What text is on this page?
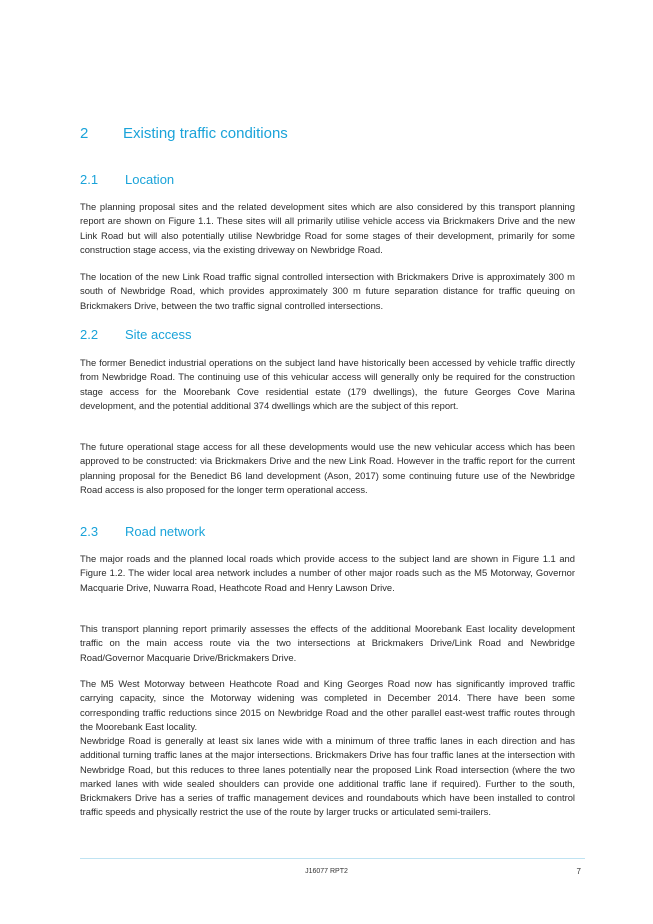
2 Existing traffic conditions
2.1 Location

The planning proposal sites and the related development sites which are also considered by this transport planning report are shown on Figure 1.1. These sites will all primarily utilise vehicle access via Brickmakers Drive and the new Link Road but will also potentially utilise Newbridge Road for some stages of their development, primarily for some construction stage access, via the existing driveway on Newbridge Road.

The location of the new Link Road traffic signal controlled intersection with Brickmakers Drive is approximately 300 m south of Newbridge Road, which provides approximately 300 m future separation distance for traffic queuing on Brickmakers Drive, between the two traffic signal controlled intersections.

2.2 Site access

The former Benedict industrial operations on the subject land have historically been accessed by vehicle traffic directly from Newbridge Road. The continuing use of this vehicular access will generally only be required for the construction stage access for the Moorebank Cove residential estate (179 dwellings), the future Georges Cove Marina development, and the potential additional 374 dwellings which are the subject of this report.

The future operational stage access for all these developments would use the new vehicular access which has been approved to be constructed: via Brickmakers Drive and the new Link Road. However in the traffic report for the current planning proposal for the Benedict B6 land development (Ason, 2017) some continuing future use of the Newbridge Road access is also proposed for the longer term operational access.

2.3 Road network

The major roads and the planned local roads which provide access to the subject land are shown in Figure 1.1 and Figure 1.2. The wider local area network includes a number of other major roads such as the M5 Motorway, Governor Macquarie Drive, Nuwarra Road, Heathcote Road and Henry Lawson Drive.

This transport planning report primarily assesses the effects of the additional Moorebank East locality development traffic on the main access route via the two intersections at Brickmakers Drive/Link Road and Newbridge Road/Governor Macquarie Drive/Brickmakers Drive.

The M5 West Motorway between Heathcote Road and King Georges Road now has significantly improved traffic carrying capacity, since the Motorway widening was completed in December 2014. There have been some corresponding traffic reductions since 2015 on Newbridge Road and the other parallel east-west traffic routes through the Moorebank East locality.

Newbridge Road is generally at least six lanes wide with a minimum of three traffic lanes in each direction and has additional turning traffic lanes at the major intersections. Brickmakers Drive has four traffic lanes at the intersection with Newbridge Road, but this reduces to three lanes potentially near the proposed Link Road intersection (where the two marked lanes with wide sealed shoulders can provide one additional traffic lane if required). Further to the south, Brickmakers Drive has a series of traffic management devices and roundabouts which have been installed to control traffic speeds and physically restrict the use of the route by larger trucks or articulated semi-trailers.

J16077 RPT2	7
